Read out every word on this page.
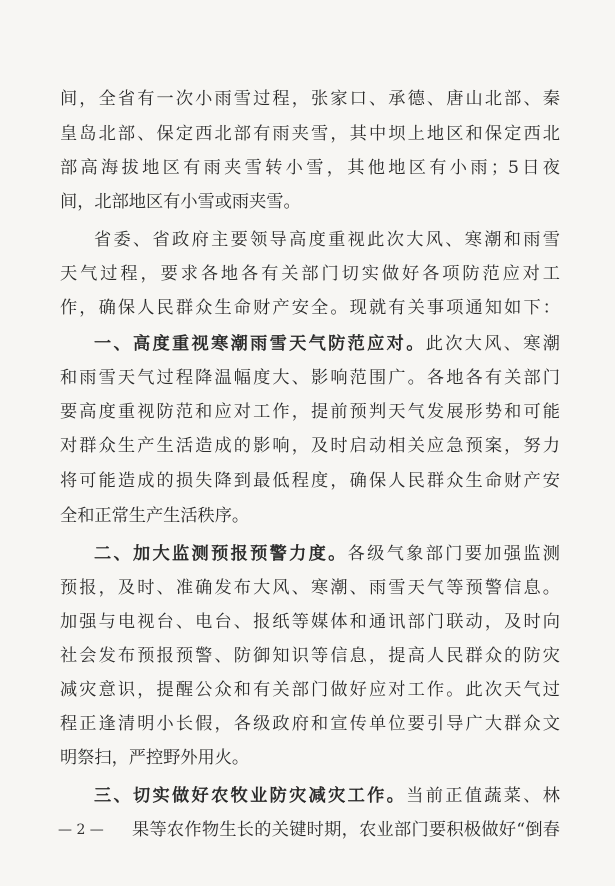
间，全省有一次小雨雪过程，张家口、承德、唐山北部、秦
皇岛北部、保定西北部有雨夹雪，其中坝上地区和保定西北
部高海拔地区有雨夹雪转小雪，其他地区有小雨；5日夜
间，北部地区有小雪或雨夹雪。
省委、省政府主要领导高度重视此次大风、寒潮和雨雪
天气过程，要求各地各有关部门切实做好各项防范应对工
作，确保人民群众生命财产安全。现就有关事项通知如下：
一、高度重视寒潮雨雪天气防范应对。此次大风、寒潮
和雨雪天气过程降温幅度大、影响范围广。各地各有关部门
要高度重视防范和应对工作，提前预判天气发展形势和可能
对群众生产生活造成的影响，及时启动相关应急预案，努力
将可能造成的损失降到最低程度，确保人民群众生命财产安
全和正常生产生活秩序。
二、加大监测预报预警力度。各级气象部门要加强监测
预报，及时、准确发布大风、寒潮、雨雪天气等预警信息。
加强与电视台、电台、报纸等媒体和通讯部门联动，及时向
社会发布预报预警、防御知识等信息，提高人民群众的防灾
减灾意识，提醒公众和有关部门做好应对工作。此次天气过
程正逢清明小长假，各级政府和宣传单位要引导广大群众文
明祭扫，严控野外用火。
三、切实做好农牧业防灾减灾工作。当前正值蔬菜、林
果等农作物生长的关键时期，农业部门要积极做好“倒春
— 2 —
